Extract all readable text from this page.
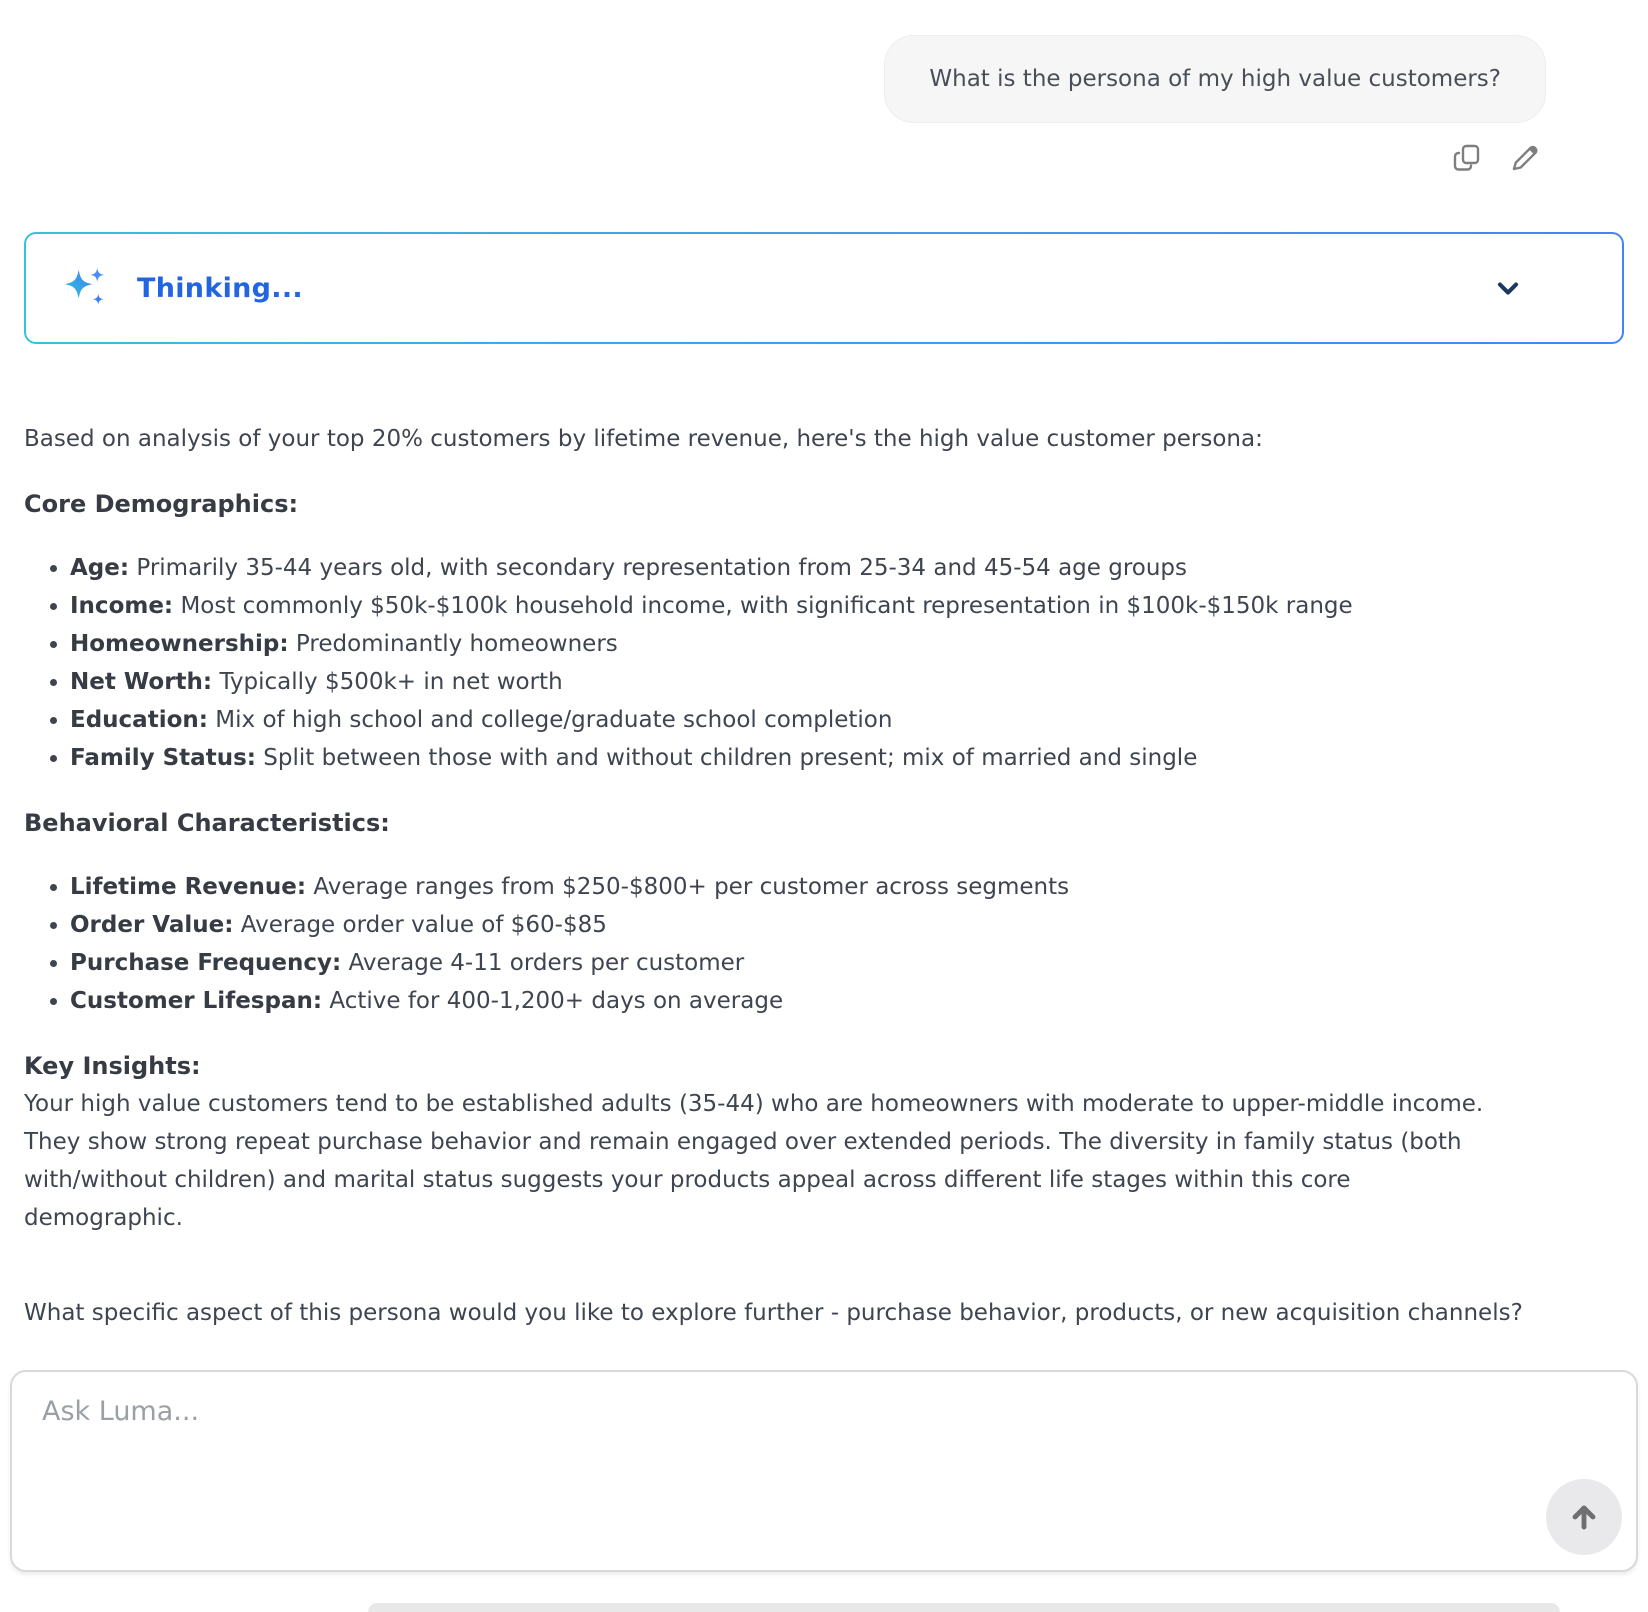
What is the persona of my high value customers?
Thinking...

Based on analysis of your top 20% customers by lifetime revenue, here's the high value customer persona:

Core Demographics:

• Age: Primarily 35-44 years old, with secondary representation from 25-34 and 45-54 age groups
• Income: Most commonly $50k-$100k household income, with significant representation in $100k-$150k range
• Homeownership: Predominantly homeowners
• Net Worth: Typically $500k+ in net worth
• Education: Mix of high school and college/graduate school completion
• Family Status: Split between those with and without children present; mix of married and single

Behavioral Characteristics:

• Lifetime Revenue: Average ranges from $250-$800+ per customer across segments
• Order Value: Average order value of $60-$85
• Purchase Frequency: Average 4-11 orders per customer
• Customer Lifespan: Active for 400-1,200+ days on average

Key Insights:

Your high value customers tend to be established adults (35-44) who are homeowners with moderate to upper-middle income. They show strong repeat purchase behavior and remain engaged over extended periods. The diversity in family status (both with/without children) and marital status suggests your products appeal across different life stages within this core demographic.

What specific aspect of this persona would you like to explore further - purchase behavior, products, or new acquisition channels?

Ask Luma...
